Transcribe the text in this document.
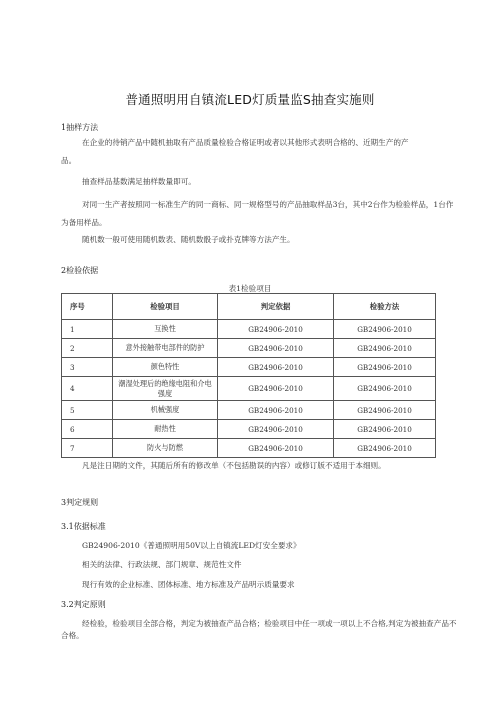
普通照明用自镇流LED灯质量监S抽查实施则
1抽样方法
在企业的待销产品中随机抽取有产品质量检验合格证明或者以其他形式表明合格的、近期生产的产
品。
抽查样品基数满足抽样数量即可。
对同一生产者按照同一标准生产的同一商标、同一规格型号的产品抽取样品3台，其中2台作为检验样品，1台作为备用样品。
随机数一般可使用随机数表、随机数骰子或扑克牌等方法产生。
2检验依据
表1检验项目
序号	检验项目	判定依据	检验方法
1	互换性	GB24906-2010	GB24906-2010
2	意外接触带电部件的防护	GB24906-2010	GB24906-2010
3	颜色特性	GB24906-2010	GB24906-2010
4	潮湿处理后的绝缘电阻和介电强度	GB24906-2010	GB24906-2010
5	机械强度	GB24906-2010	GB24906-2010
6	耐热性	GB24906-2010	GB24906-2010
7	防火与防燃	GB24906-2010	GB24906-2010
凡是注日期的文件，其随后所有的修改单（不包括勘误的内容）或修订版不适用于本细则。
3判定规则
3.1依据标准
GB24906-2010《普通照明用50V以上自镇流LED灯安全要求》
相关的法律、行政法规、部门规章、规范性文件
现行有效的企业标准、团体标准、地方标准及产品明示质量要求
3.2判定原则
经检验，检验项目全部合格，判定为被抽查产品合格；检验项目中任一项或一项以上不合格,判定为被抽查产品不合格。
